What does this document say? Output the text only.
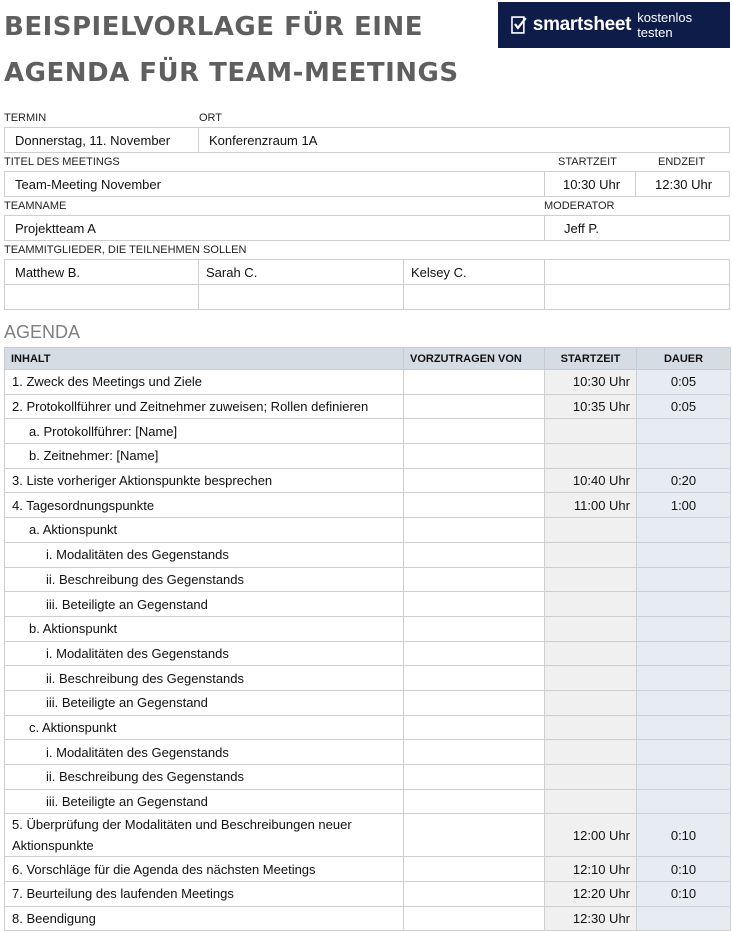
BEISPIELVORLAGE FÜR EINE AGENDA FÜR TEAM-MEETINGS
smartsheet kostenlos testen
TERMIN	ORT
Donnerstag, 11. November	Konferenzraum 1A
TITEL DES MEETINGS	STARTZEIT	ENDZEIT
Team-Meeting November	10:30 Uhr	12:30 Uhr
TEAMNAME	MODERATOR
Projektteam A	Jeff P.
TEAMMITGLIEDER, DIE TEILNEHMEN SOLLEN
Matthew B.	Sarah C.	Kelsey C.
AGENDA
INHALT	VORZUTRAGEN VON	STARTZEIT	DAUER
1. Zweck des Meetings und Ziele		10:30 Uhr	0:05
2. Protokollführer und Zeitnehmer zuweisen; Rollen definieren		10:35 Uhr	0:05
a. Protokollführer: [Name]			
b. Zeitnehmer: [Name]			
3. Liste vorheriger Aktionspunkte besprechen		10:40 Uhr	0:20
4. Tagesordnungspunkte		11:00 Uhr	1:00
a. Aktionspunkt			
i. Modalitäten des Gegenstands			
ii. Beschreibung des Gegenstands			
iii. Beteiligte an Gegenstand			
b. Aktionspunkt			
i. Modalitäten des Gegenstands			
ii. Beschreibung des Gegenstands			
iii. Beteiligte an Gegenstand			
c. Aktionspunkt			
i. Modalitäten des Gegenstands			
ii. Beschreibung des Gegenstands			
iii. Beteiligte an Gegenstand			
5. Überprüfung der Modalitäten und Beschreibungen neuer Aktionspunkte		12:00 Uhr	0:10
6. Vorschläge für die Agenda des nächsten Meetings		12:10 Uhr	0:10
7. Beurteilung des laufenden Meetings		12:20 Uhr	0:10
8. Beendigung		12:30 Uhr	
